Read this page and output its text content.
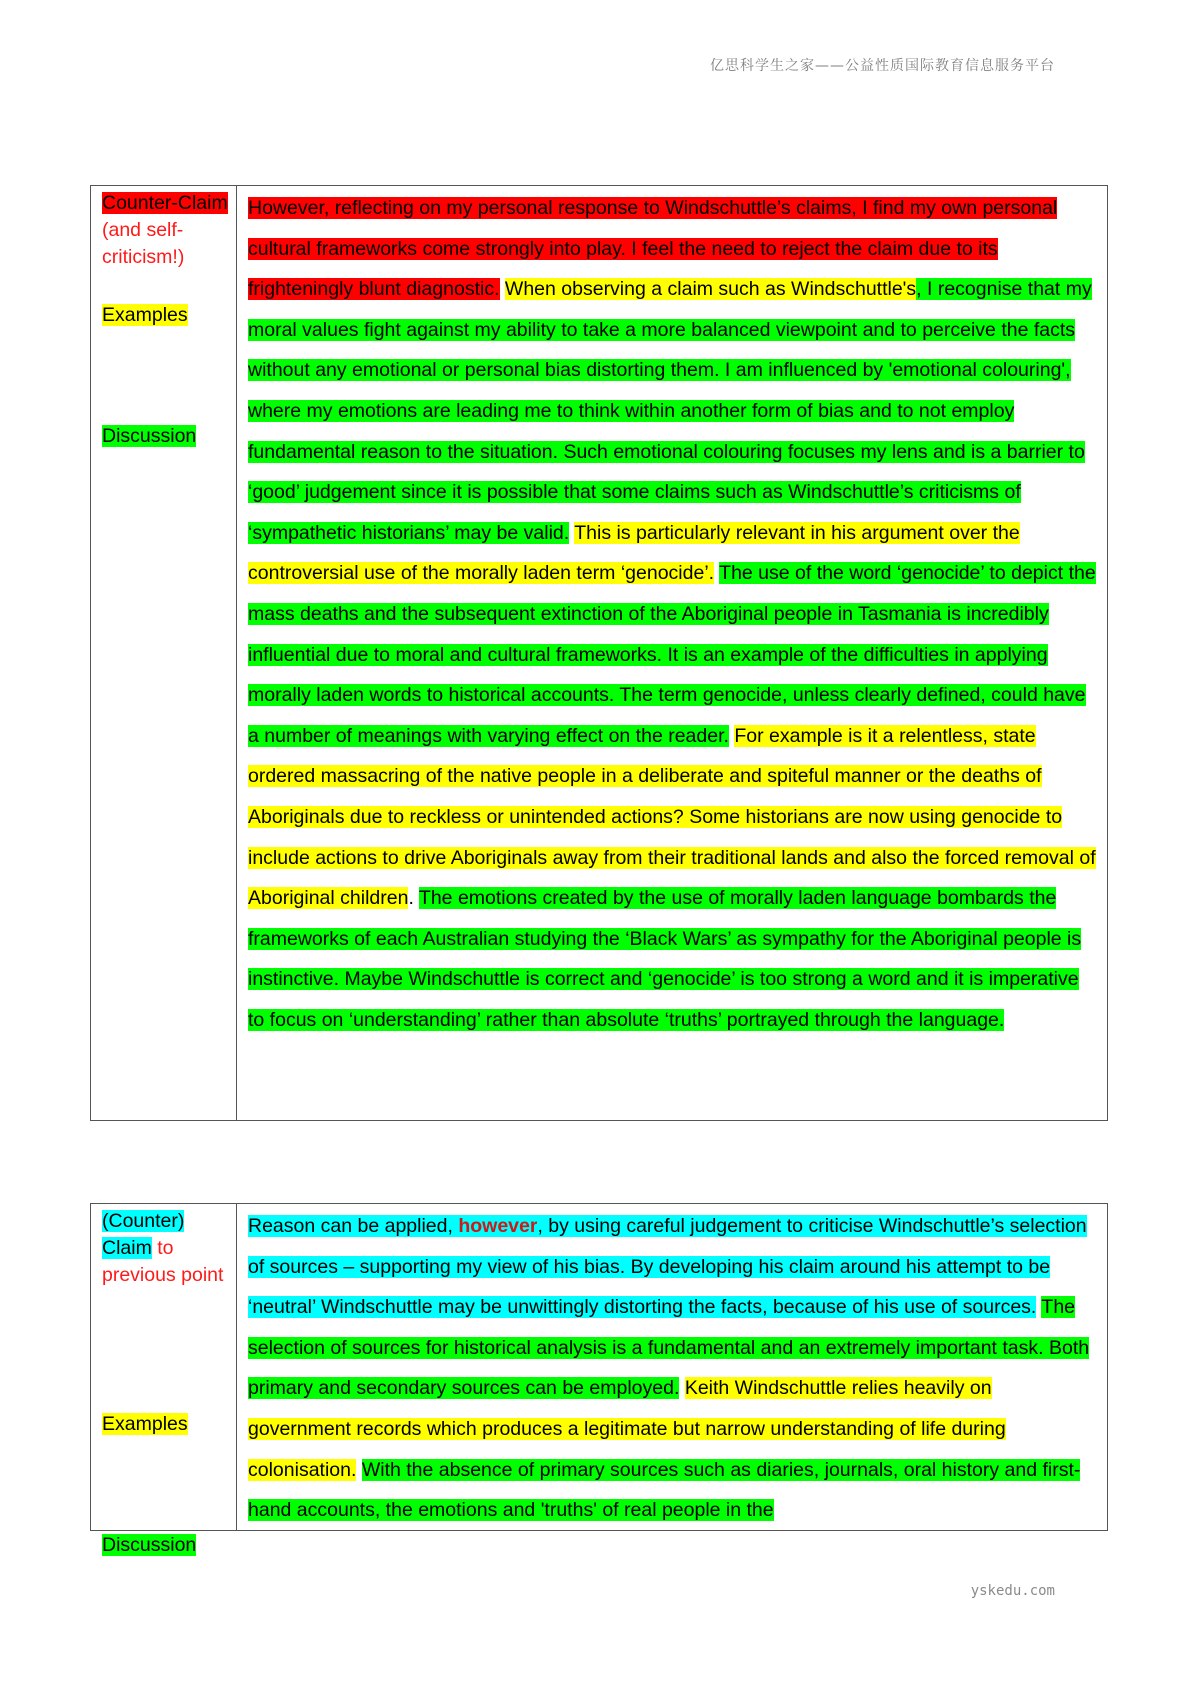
亿思科学生之家——公益性质国际教育信息服务平台
Counter-Claim
(and self-criticism!)
Examples
Discussion
However, reflecting on my personal response to Windschuttle’s claims, I find my own personal cultural frameworks come strongly into play. I feel the need to reject the claim due to its frighteningly blunt diagnostic. When observing a claim such as Windschuttle's, I recognise that my moral values fight against my ability to take a more balanced viewpoint and to perceive the facts without any emotional or personal bias distorting them. I am influenced by 'emotional colouring', where my emotions are leading me to think within another form of bias and to not employ fundamental reason to the situation. Such emotional colouring focuses my lens and is a barrier to ‘good’ judgement since it is possible that some claims such as Windschuttle’s criticisms of ‘sympathetic historians’ may be valid. This is particularly relevant in his argument over the controversial use of the morally laden term ‘genocide’. The use of the word ‘genocide’ to depict the mass deaths and the subsequent extinction of the Aboriginal people in Tasmania is incredibly influential due to moral and cultural frameworks. It is an example of the difficulties in applying morally laden words to historical accounts. The term genocide, unless clearly defined, could have a number of meanings with varying effect on the reader. For example is it a relentless, state ordered massacring of the native people in a deliberate and spiteful manner or the deaths of Aboriginals due to reckless or unintended actions? Some historians are now using genocide to include actions to drive Aboriginals away from their traditional lands and also the forced removal of Aboriginal children. The emotions created by the use of morally laden language bombards the frameworks of each Australian studying the ‘Black Wars’ as sympathy for the Aboriginal people is instinctive. Maybe Windschuttle is correct and ‘genocide’ is too strong a word and it is imperative to focus on ‘understanding’ rather than absolute ‘truths’ portrayed through the language.
(Counter) Claim to previous point
Examples
Discussion
Reason can be applied, however, by using careful judgement to criticise Windschuttle’s selection of sources – supporting my view of his bias. By developing his claim around his attempt to be ‘neutral’ Windschuttle may be unwittingly distorting the facts, because of his use of sources. The selection of sources for historical analysis is a fundamental and an extremely important task. Both primary and secondary sources can be employed. Keith Windschuttle relies heavily on government records which produces a legitimate but narrow understanding of life during colonisation. With the absence of primary sources such as diaries, journals, oral history and first-hand accounts, the emotions and 'truths' of real people in the
yskedu.com
